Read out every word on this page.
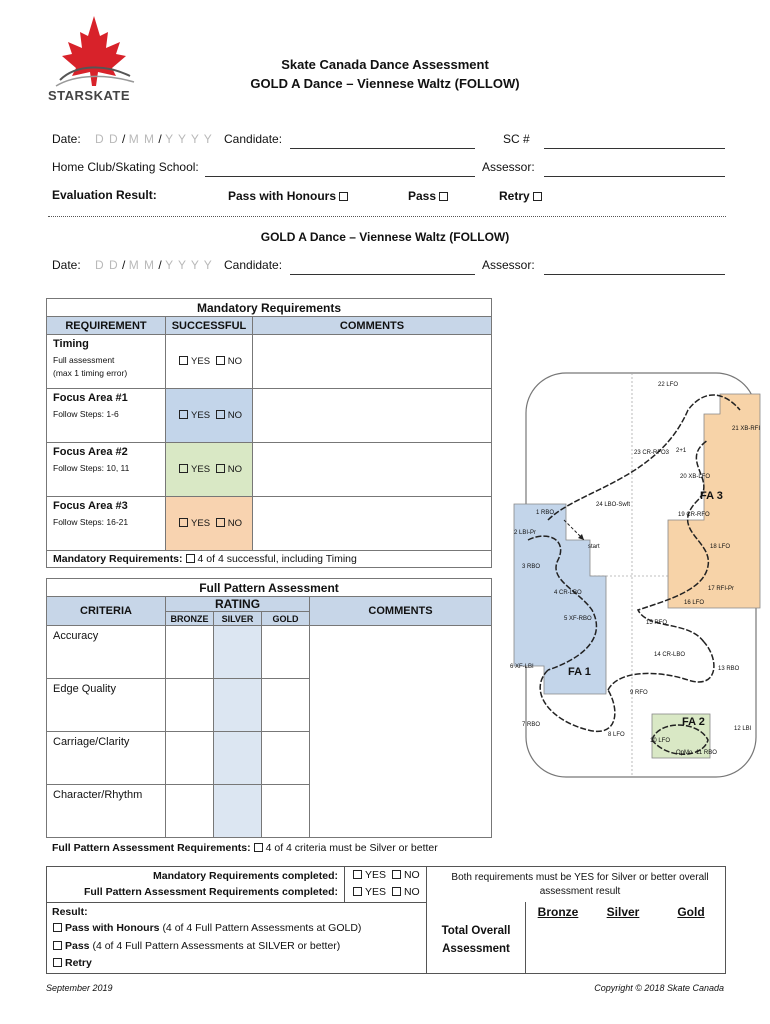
STARSKATE
Skate Canada Dance Assessment
GOLD A Dance – Viennese Waltz (FOLLOW)
Date: D D / M M / Y Y Y Y Candidate:	SC #
Home Club/Skating School:	Assessor:
Evaluation Result:	Pass with Honours	Pass	Retry
GOLD A Dance – Viennese Waltz (FOLLOW)
Date: D D / M M / Y Y Y Y Candidate:	Assessor:
Mandatory Requirements		
REQUIREMENT	SUCCESSFUL	COMMENTS

Timing
Full assessment
(max 1 timing error)	YES NO	

Focus Area #1
Follow Steps: 1-6	YES NO	

Focus Area #2
Follow Steps: 10, 11	YES NO	

Focus Area #3
Follow Steps: 16-21	YES NO	
Mandatory Requirements: 4 of 4 successful, including Timing		
Full Pattern Assessment				
CRITERIA	RATING			COMMENTS
	BRONZE	SILVER	GOLD	
Accuracy				
Edge Quality				
Carriage/Clarity				
Character/Rhythm				
Full Pattern Assessment Requirements: 4 of 4 criteria must be Silver or better
Mandatory Requirements completed:
Full Pattern Assessment Requirements completed:
YES NO
YES NO
Both requirements must be YES for Silver or better overall assessment result
Result:
Pass with Honours (4 of 4 Full Pattern Assessments at GOLD)
Pass (4 of 4 Full Pattern Assessments at SILVER or better)
Retry
Total Overall
Assessment
Bronze	Silver	Gold
September 2019	Copyright © 2018 Skate Canada
FA 1
FA 2
FA 3
start
22 LFO
21 XB-RFI
23 CR-RFO3 2+1
20 XB-LFO
24 LBO-Swft
19 CR-RFO
1 RBO
2 LBI-Pr
18 LFO
3 RBO
17 RFI-Pr
4 CR-LBO
16 LFO
5 XF-RBO
15 RFO
14 CR-LBO
6 XF-LBI	13 RBO
9 RFO
7 RBO
8 LFO
12 LBI
10 LFO
11 RBO
OpMo
